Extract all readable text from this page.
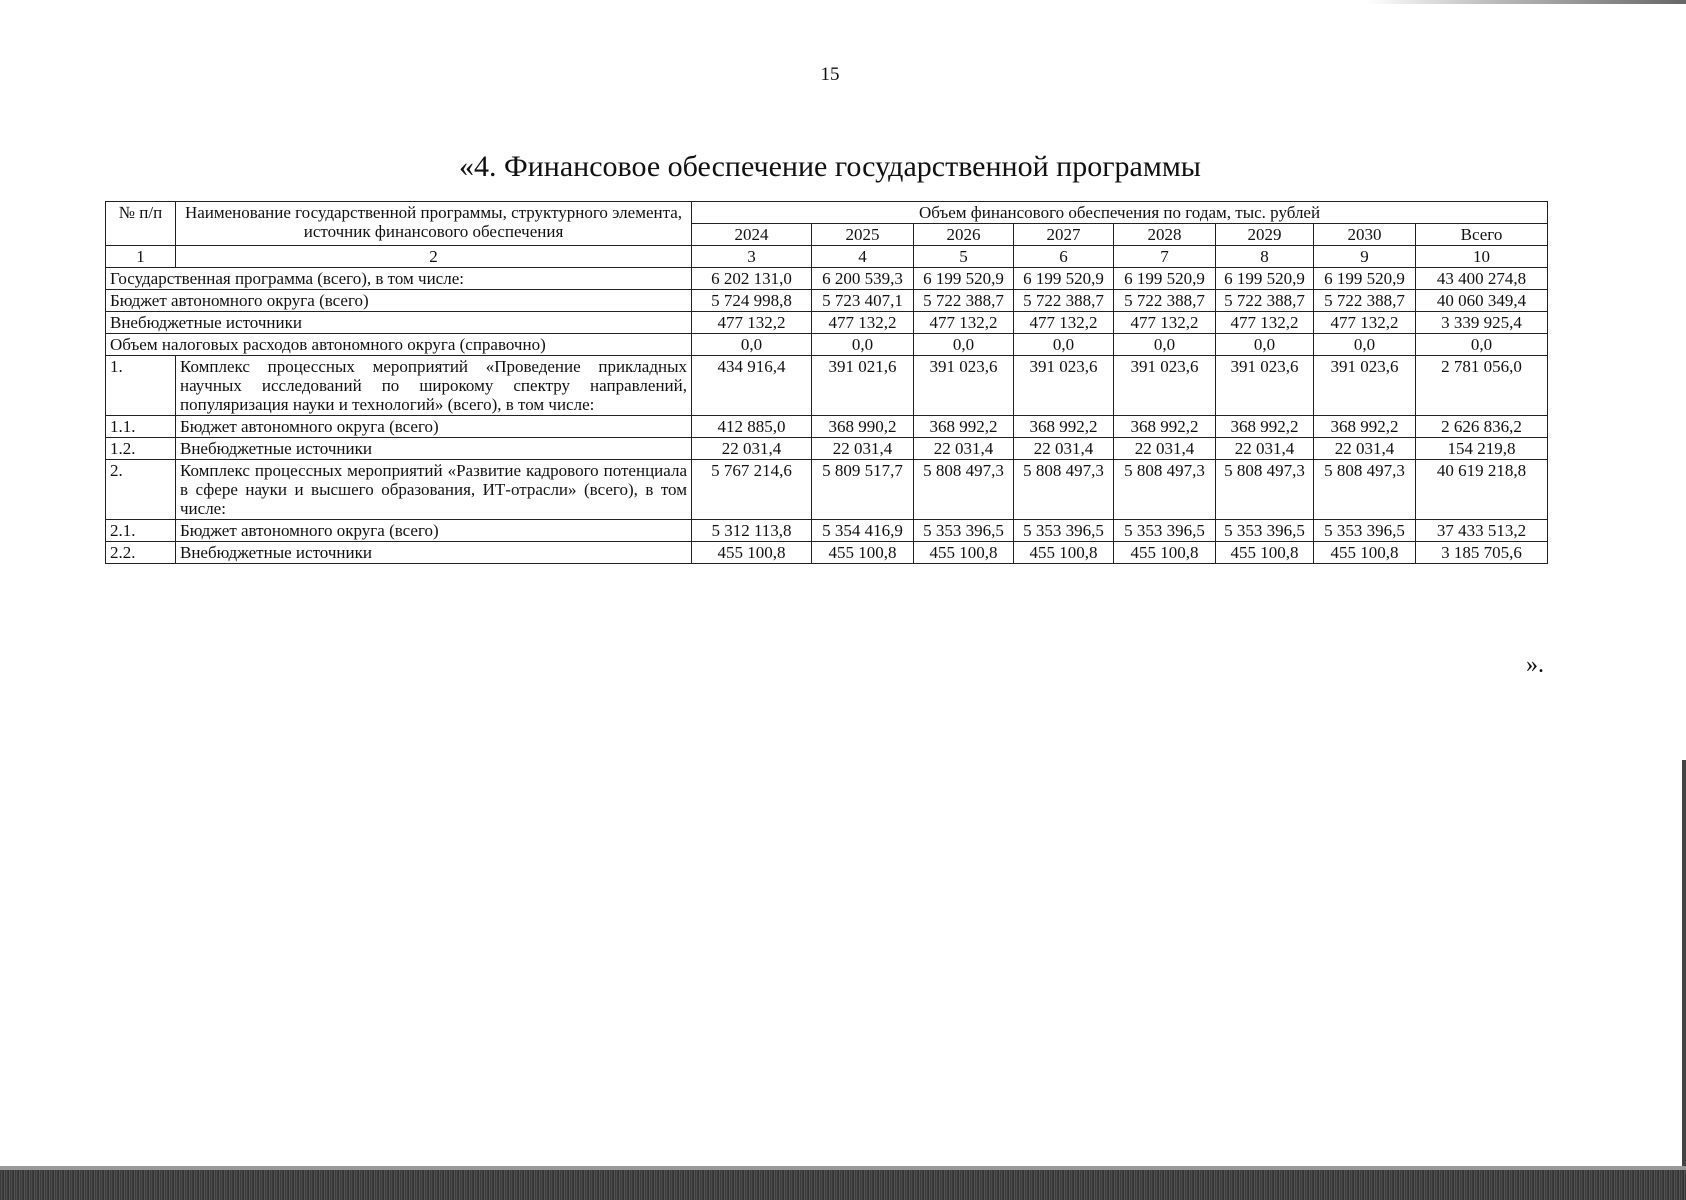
15
«4. Финансовое обеспечение государственной программы
№ п/п	Наименование государственной программы, структурного элемента, источник финансового обеспечения	Объем финансового обеспечения по годам, тыс. рублей							
		2024	2025	2026	2027	2028	2029	2030	Всего
1	2	3	4	5	6	7	8	9	10
Государственная программа (всего), в том числе:		6 202 131,0	6 200 539,3	6 199 520,9	6 199 520,9	6 199 520,9	6 199 520,9	6 199 520,9	43 400 274,8
Бюджет автономного округа (всего)		5 724 998,8	5 723 407,1	5 722 388,7	5 722 388,7	5 722 388,7	5 722 388,7	5 722 388,7	40 060 349,4
Внебюджетные источники		477 132,2	477 132,2	477 132,2	477 132,2	477 132,2	477 132,2	477 132,2	3 339 925,4
Объем налоговых расходов автономного округа (справочно)		0,0	0,0	0,0	0,0	0,0	0,0	0,0	0,0
1.	Комплекс процессных мероприятий «Проведение прикладных научных исследований по широкому спектру направлений, популяризация науки и технологий» (всего), в том числе:	434 916,4	391 021,6	391 023,6	391 023,6	391 023,6	391 023,6	391 023,6	2 781 056,0
1.1.	Бюджет автономного округа (всего)	412 885,0	368 990,2	368 992,2	368 992,2	368 992,2	368 992,2	368 992,2	2 626 836,2
1.2.	Внебюджетные источники	22 031,4	22 031,4	22 031,4	22 031,4	22 031,4	22 031,4	22 031,4	154 219,8
2.	Комплекс процессных мероприятий «Развитие кадрового потенциала в сфере науки и высшего образования, ИТ-отрасли» (всего), в том числе:	5 767 214,6	5 809 517,7	5 808 497,3	5 808 497,3	5 808 497,3	5 808 497,3	5 808 497,3	40 619 218,8
2.1.	Бюджет автономного округа (всего)	5 312 113,8	5 354 416,9	5 353 396,5	5 353 396,5	5 353 396,5	5 353 396,5	5 353 396,5	37 433 513,2
2.2.	Внебюджетные источники	455 100,8	455 100,8	455 100,8	455 100,8	455 100,8	455 100,8	455 100,8	3 185 705,6
».
